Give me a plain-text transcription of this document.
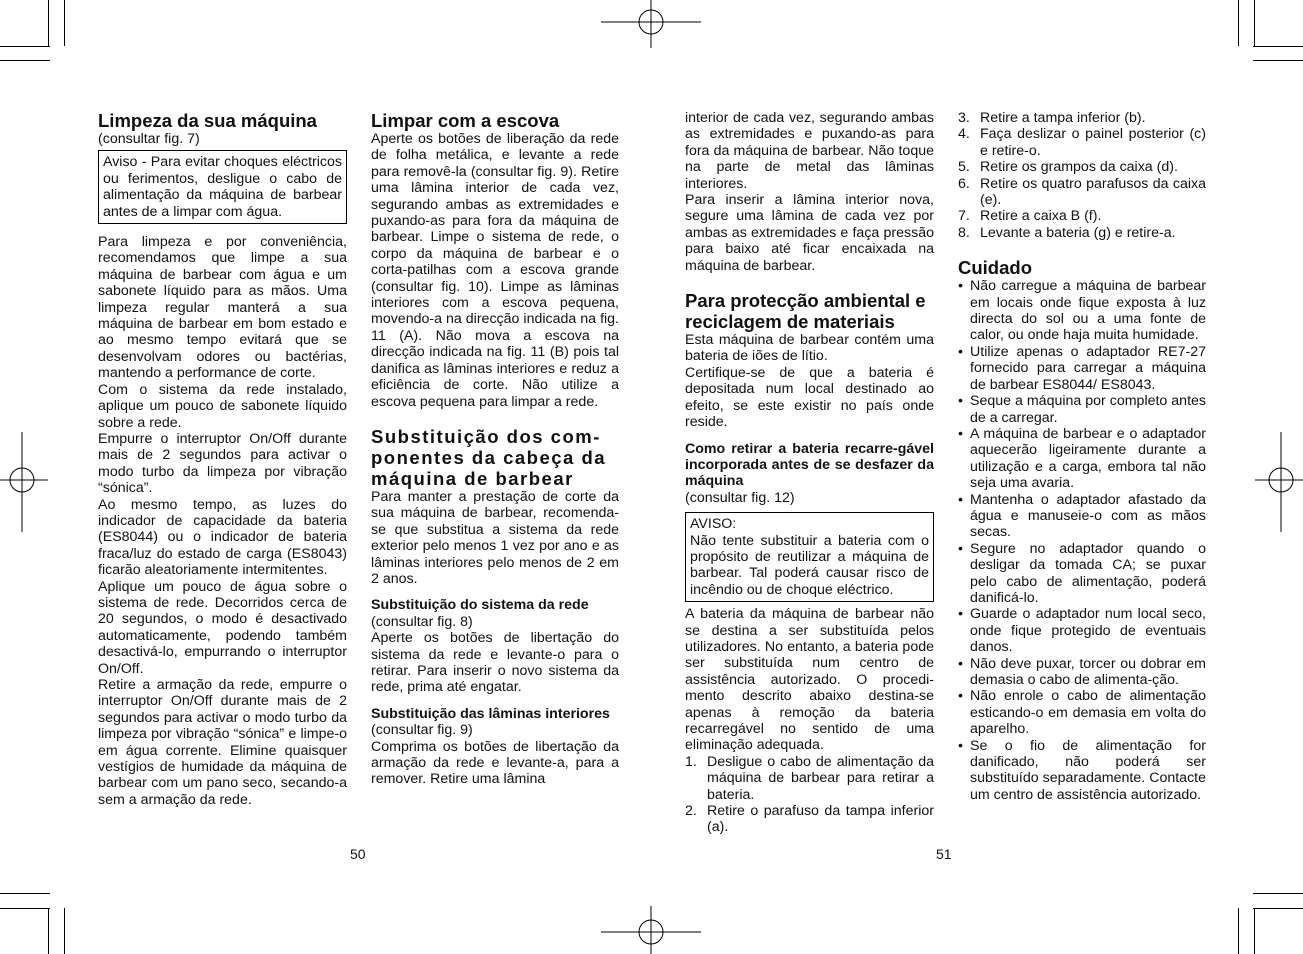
Limpeza da sua máquina

(consultar fig. 7)

Aviso - Para evitar choques eléctricos ou ferimentos, desligue o cabo de alimentação da máquina de barbear antes de a limpar com água.

Para limpeza e por conveniência, recomendamos que limpe a sua máquina de barbear com água e um sabonete líquido para as mãos. Uma limpeza regular manterá a sua máquina de barbear em bom estado e ao mesmo tempo evitará que se desenvolvam odores ou bactérias, mantendo a performance de corte.

Com o sistema da rede instalado, aplique um pouco de sabonete líquido sobre a rede.

Empurre o interruptor On/Off durante mais de 2 segundos para activar o modo turbo da limpeza por vibração “sónica”.

Ao mesmo tempo, as luzes do indicador de capacidade da bateria (ES8044) ou o indicador de bateria fraca/luz do estado de carga (ES8043) ficarão aleatoriamente intermitentes.

Aplique um pouco de água sobre o sistema de rede. Decorridos cerca de 20 segundos, o modo é desactivado automaticamente, podendo também desactivá-lo, empurrando o interruptor On/Off.

Retire a armação da rede, empurre o interruptor On/Off durante mais de 2 segundos para activar o modo turbo da limpeza por vibração “sónica” e limpe-o em água corrente. Elimine quaisquer vestígios de humidade da máquina de barbear com um pano seco, secando-a sem a armação da rede.

50

Limpar com a escova

Aperte os botões de liberação da rede de folha metálica, e levante a rede para removê-la (consultar fig. 9). Retire uma lâmina interior de cada vez, segurando ambas as extremidades e puxando-as para fora da máquina de barbear. Limpe o sistema de rede, o corpo da máquina de barbear e o corta-patilhas com a escova grande (consultar fig. 10). Limpe as lâminas interiores com a escova pequena, movendo-a na direcção indicada na fig. 11 (A). Não mova a escova na direcção indicada na fig. 11 (B) pois tal danifica as lâminas interiores e reduz a eficiência de corte. Não utilize a escova pequena para limpar a rede.

Substituição dos com-ponentes da cabeça da máquina de barbear

Para manter a prestação de corte da sua máquina de barbear, recomenda-se que substitua a sistema da rede exterior pelo menos 1 vez por ano e as lâminas interiores pelo menos de 2 em 2 anos.

Substituição do sistema da rede

(consultar fig. 8)

Aperte os botões de libertação do sistema da rede e levante-o para o retirar. Para inserir o novo sistema da rede, prima até engatar.

Substituição das lâminas interiores

(consultar fig. 9)

Comprima os botões de libertação da armação da rede e levante-a, para a remover. Retire uma lâmina

interior de cada vez, segurando ambas as extremidades e puxando-as para fora da máquina de barbear. Não toque na parte de metal das lâminas interiores.

Para inserir a lâmina interior nova, segure uma lâmina de cada vez por ambas as extremidades e faça pressão para baixo até ficar encaixada na máquina de barbear.

Para protecção ambiental e reciclagem de materiais

Esta máquina de barbear contém uma bateria de iões de lítio.

Certifique-se de que a bateria é depositada num local destinado ao efeito, se este existir no país onde reside.

Como retirar a bateria recarre-gável incorporada antes de se desfazer da máquina

(consultar fig. 12)

AVISO:

Não tente substituir a bateria com o propósito de reutilizar a máquina de barbear. Tal poderá causar risco de incêndio ou de choque eléctrico.

A bateria da máquina de barbear não se destina a ser substituída pelos utilizadores. No entanto, a bateria pode ser substituída num centro de assistência autorizado. O procedi-mento descrito abaixo destina-se apenas à remoção da bateria recarregável no sentido de uma eliminação adequada.

1. Desligue o cabo de alimentação da máquina de barbear para retirar a bateria.
2. Retire o parafuso da tampa inferior (a).
51
3. Retire a tampa inferior (b).
4. Faça deslizar o painel posterior (c) e retire-o.
5. Retire os grampos da caixa (d).
6. Retire os quatro parafusos da caixa (e).
7. Retire a caixa B (f).
8. Levante a bateria (g) e retire-a.

Cuidado

• Não carregue a máquina de barbear em locais onde fique exposta à luz directa do sol ou a uma fonte de calor, ou onde haja muita humidade.
• Utilize apenas o adaptador RE7-27 fornecido para carregar a máquina de barbear ES8044/ ES8043.
• Seque a máquina por completo antes de a carregar.
• A máquina de barbear e o adaptador aquecerão ligeiramente durante a utilização e a carga, embora tal não seja uma avaria.
• Mantenha o adaptador afastado da água e manuseie-o com as mãos secas.
• Segure no adaptador quando o desligar da tomada CA; se puxar pelo cabo de alimentação, poderá danificá-lo.
• Guarde o adaptador num local seco, onde fique protegido de eventuais danos.
• Não deve puxar, torcer ou dobrar em demasia o cabo de alimenta-ção.
• Não enrole o cabo de alimentação esticando-o em demasia em volta do aparelho.
• Se o fio de alimentação for danificado, não poderá ser substituído separadamente. Contacte um centro de assistência autorizado.
